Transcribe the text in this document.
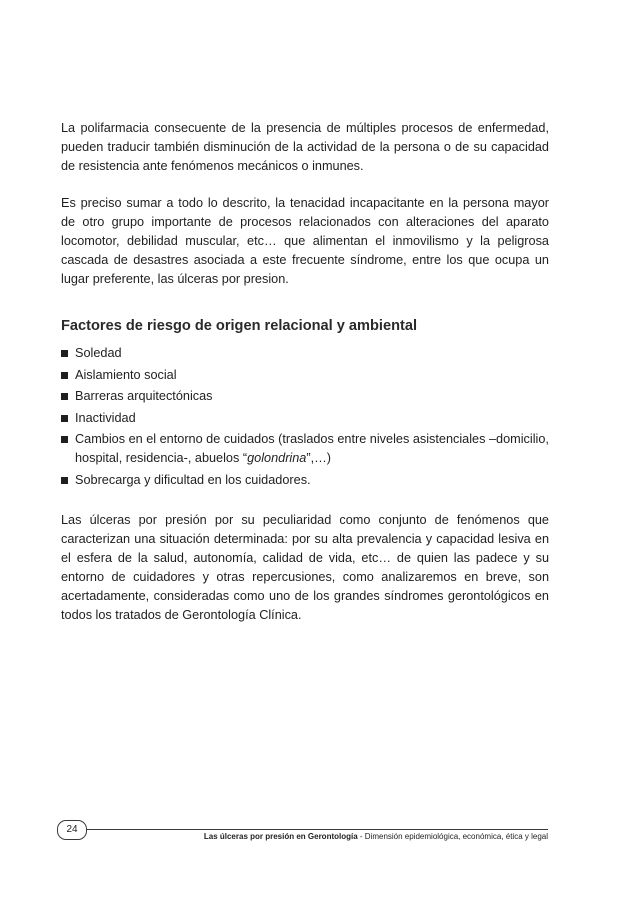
La polifarmacia consecuente de la presencia de múltiples procesos de enfermedad, pueden traducir también disminución de la actividad de la persona o de su capacidad de resistencia ante fenómenos mecánicos o inmunes.

Es preciso sumar a todo lo descrito, la tenacidad incapacitante en la persona mayor de otro grupo importante de procesos relacionados con alteraciones del aparato locomotor, debilidad muscular, etc… que alimentan el inmovilismo y la peligrosa cascada de desastres asociada a este frecuente síndrome, entre los que ocupa un lugar preferente, las úlceras por presion.

Factores de riesgo de origen relacional y ambiental
Soledad
Aislamiento social
Barreras arquitectónicas
Inactividad
Cambios en el entorno de cuidados (traslados entre niveles asistenciales –domicilio, hospital, residencia-, abuelos “golondrina”,…)
Sobrecarga y dificultad en los cuidadores.

Las úlceras por presión por su peculiaridad como conjunto de fenómenos que caracterizan una situación determinada: por su alta prevalencia y capacidad lesiva en el esfera de la salud, autonomía, calidad de vida, etc… de quien las padece y su entorno de cuidadores y otras repercusiones, como analizaremos en breve, son acertadamente, consideradas como uno de los grandes síndromes gerontológicos en todos los tratados de Gerontología Clínica.

24
Las úlceras por presión en Gerontología - Dimensión epidemiológica, económica, ética y legal
